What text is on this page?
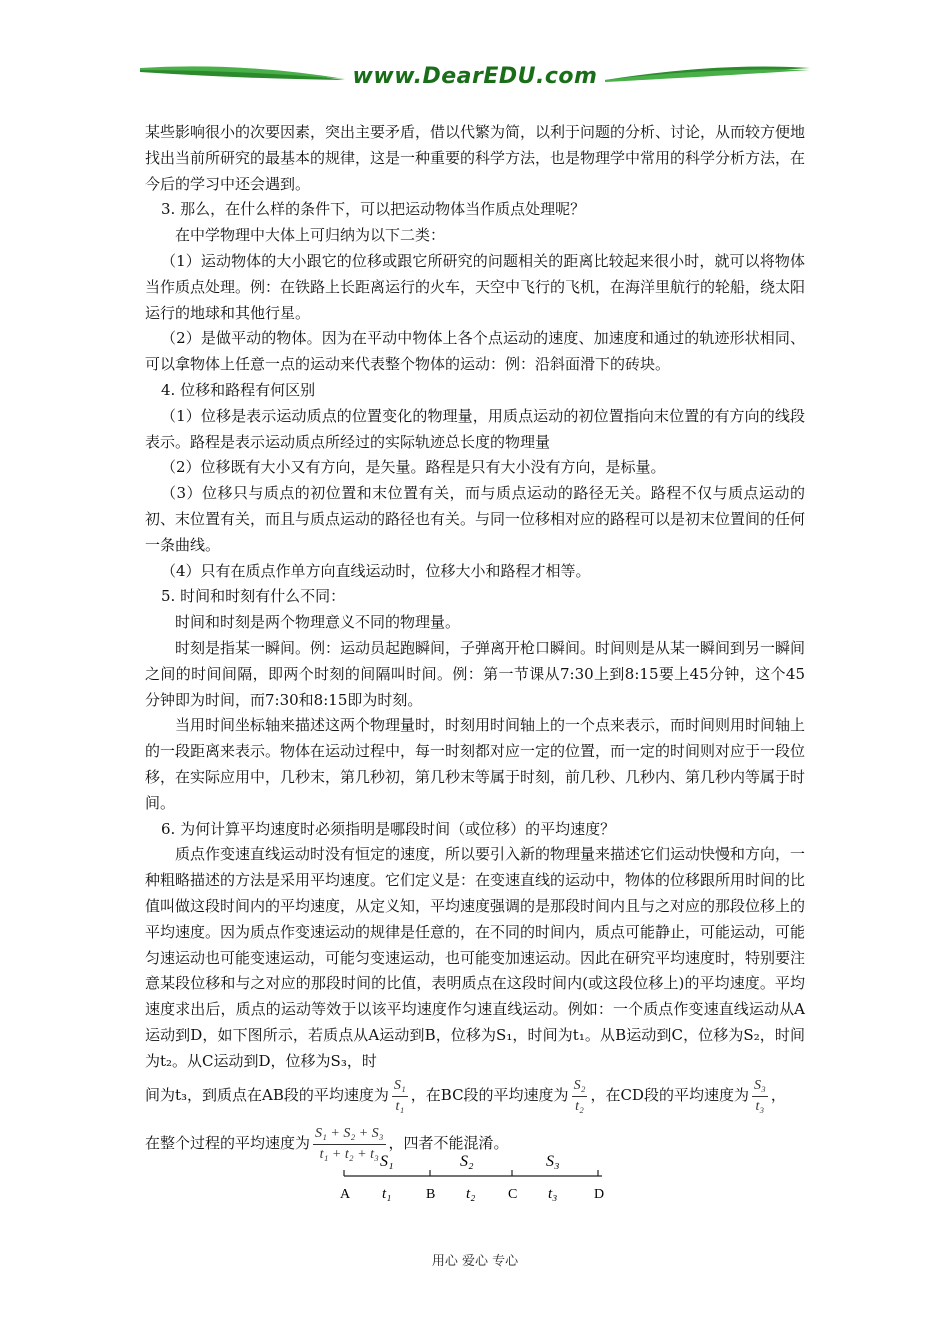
www.DearEDU.com

某些影响很小的次要因素，突出主要矛盾，借以代繁为简，以利于问题的分析、讨论，从而较方便地找出当前所研究的最基本的规律，这是一种重要的科学方法，也是物理学中常用的科学分析方法，在今后的学习中还会遇到。

3. 那么，在什么样的条件下，可以把运动物体当作质点处理呢？

在中学物理中大体上可归纳为以下二类：

（1）运动物体的大小跟它的位移或跟它所研究的问题相关的距离比较起来很小时，就可以将物体当作质点处理。例：在铁路上长距离运行的火车，天空中飞行的飞机，在海洋里航行的轮船，绕太阳运行的地球和其他行星。

（2）是做平动的物体。因为在平动中物体上各个点运动的速度、加速度和通过的轨迹形状相同、可以拿物体上任意一点的运动来代表整个物体的运动：例：沿斜面滑下的砖块。

4. 位移和路程有何区别

（1）位移是表示运动质点的位置变化的物理量，用质点运动的初位置指向末位置的有方向的线段表示。路程是表示运动质点所经过的实际轨迹总长度的物理量

（2）位移既有大小又有方向，是矢量。路程是只有大小没有方向，是标量。

（3）位移只与质点的初位置和末位置有关，而与质点运动的路径无关。路程不仅与质点运动的初、末位置有关，而且与质点运动的路径也有关。与同一位移相对应的路程可以是初末位置间的任何一条曲线。

（4）只有在质点作单方向直线运动时，位移大小和路程才相等。

5. 时间和时刻有什么不同：

时间和时刻是两个物理意义不同的物理量。

时刻是指某一瞬间。例：运动员起跑瞬间，子弹离开枪口瞬间。时间则是从某一瞬间到另一瞬间之间的时间间隔，即两个时刻的间隔叫时间。例：第一节课从7:30上到8:15要上45分钟，这个45分钟即为时间，而7:30和8:15即为时刻。

当用时间坐标轴来描述这两个物理量时，时刻用时间轴上的一个点来表示，而时间则用时间轴上的一段距离来表示。物体在运动过程中，每一时刻都对应一定的位置，而一定的时间则对应于一段位移，在实际应用中，几秒末，第几秒初，第几秒末等属于时刻，前几秒、几秒内、第几秒内等属于时间。

6. 为何计算平均速度时必须指明是哪段时间（或位移）的平均速度？

质点作变速直线运动时没有恒定的速度，所以要引入新的物理量来描述它们运动快慢和方向，一种粗略描述的方法是采用平均速度。它们定义是：在变速直线的运动中，物体的位移跟所用时间的比值叫做这段时间内的平均速度，从定义知，平均速度强调的是那段时间内且与之对应的那段位移上的平均速度。因为质点作变速运动的规律是任意的，在不同的时间内，质点可能静止，可能运动，可能匀速运动也可能变速运动，可能匀变速运动，也可能变加速运动。因此在研究平均速度时，特别要注意某段位移和与之对应的那段时间的比值，表明质点在这段时间内(或这段位移上)的平均速度。平均速度求出后，质点的运动等效于以该平均速度作匀速直线运动。例如：一个质点作变速直线运动从A运动到D，如下图所示，若质点从A运动到B，位移为S₁，时间为t₁。从B运动到C，位移为S₂，时间为t₂。从C运动到D，位移为S₃，时

间为t₃，到质点在AB段的平均速度为 $\frac{\text{S₁}}{\text{t₁}}$ ，在BC段的平均速度为 $\frac{\text{S₂}}{\text{t₂}}$ ，在CD段的平均速度为 $\frac{\text{S₃}}{\text{t₃}}$ ，

在整个过程的平均速度为 $\frac{\text{S₁ + S₂ + S₃}}{\text{t₁ + t₂ + t₃}}$ ，四者不能混淆。

A	B	C	D
S₁	S₂	S₃
t₁	t₂	t₃
用心 爱心 专心
